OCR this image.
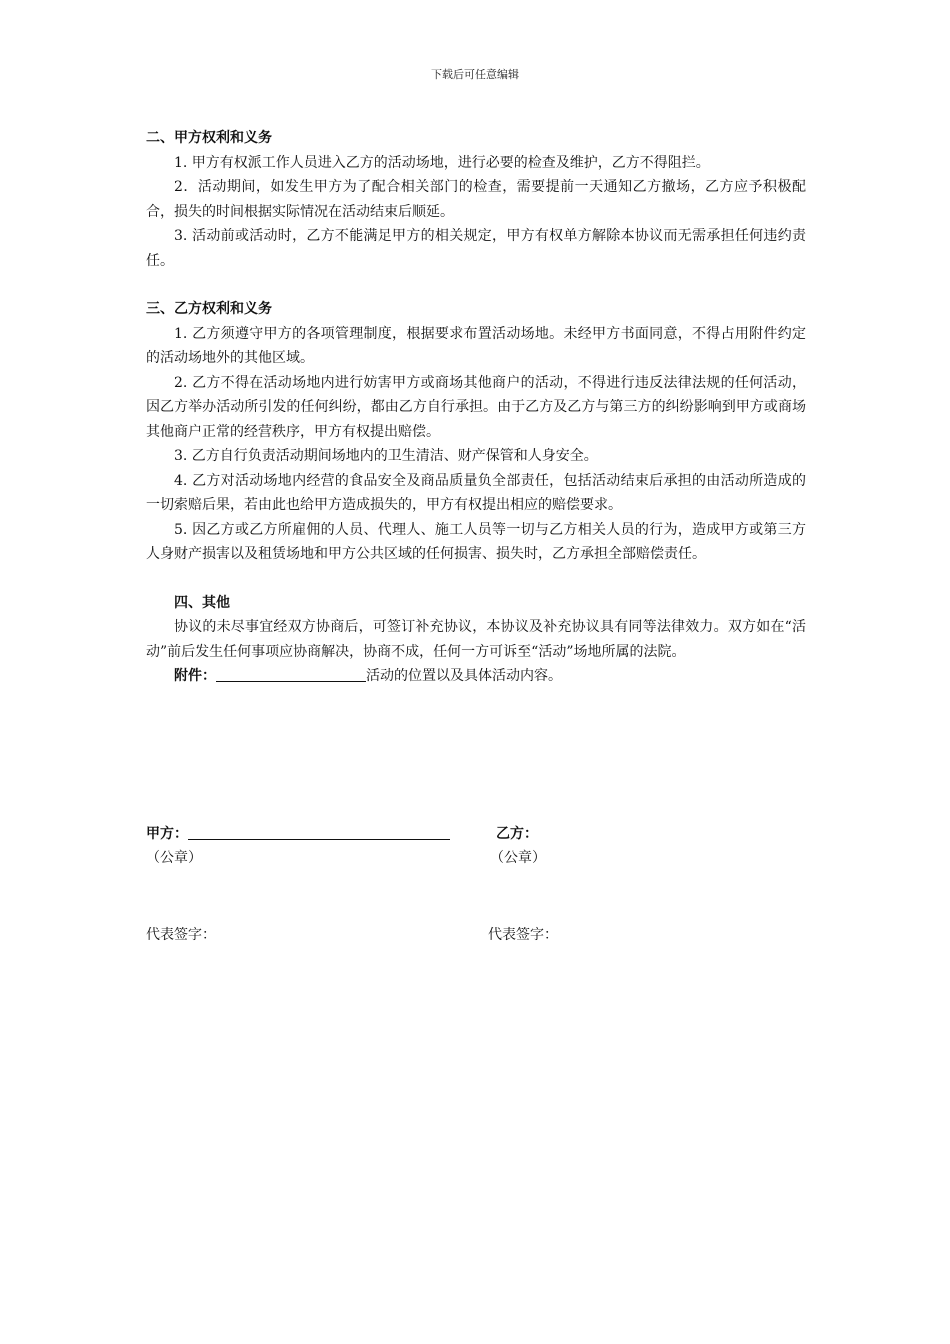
下载后可任意编辑

二、甲方权利和义务

1. 甲方有权派工作人员进入乙方的活动场地，进行必要的检查及维护，乙方不得阻拦。

2．活动期间，如发生甲方为了配合相关部门的检查，需要提前一天通知乙方撤场，乙方应予积极配合，损失的时间根据实际情况在活动结束后顺延。

3. 活动前或活动时，乙方不能满足甲方的相关规定，甲方有权单方解除本协议而无需承担任何违约责任。

三、乙方权利和义务

1. 乙方须遵守甲方的各项管理制度，根据要求布置活动场地。未经甲方书面同意，不得占用附件约定的活动场地外的其他区域。

2. 乙方不得在活动场地内进行妨害甲方或商场其他商户的活动，不得进行违反法律法规的任何活动，因乙方举办活动所引发的任何纠纷，都由乙方自行承担。由于乙方及乙方与第三方的纠纷影响到甲方或商场其他商户正常的经营秩序，甲方有权提出赔偿。

3. 乙方自行负责活动期间场地内的卫生清洁、财产保管和人身安全。

4. 乙方对活动场地内经营的食品安全及商品质量负全部责任，包括活动结束后承担的由活动所造成的一切索赔后果，若由此也给甲方造成损失的，甲方有权提出相应的赔偿要求。

5. 因乙方或乙方所雇佣的人员、代理人、施工人员等一切与乙方相关人员的行为，造成甲方或第三方人身财产损害以及租赁场地和甲方公共区域的任何损害、损失时，乙方承担全部赔偿责任。

四、其他

协议的未尽事宜经双方协商后，可签订补充协议，本协议及补充协议具有同等法律效力。双方如在“活动”前后发生任何事项应协商解决，协商不成，任何一方可诉至“活动”场地所属的法院。

附件：	活动的位置以及具体活动内容。

甲方：
（公章）
乙方：
（公章）
代表签字：	代表签字：
